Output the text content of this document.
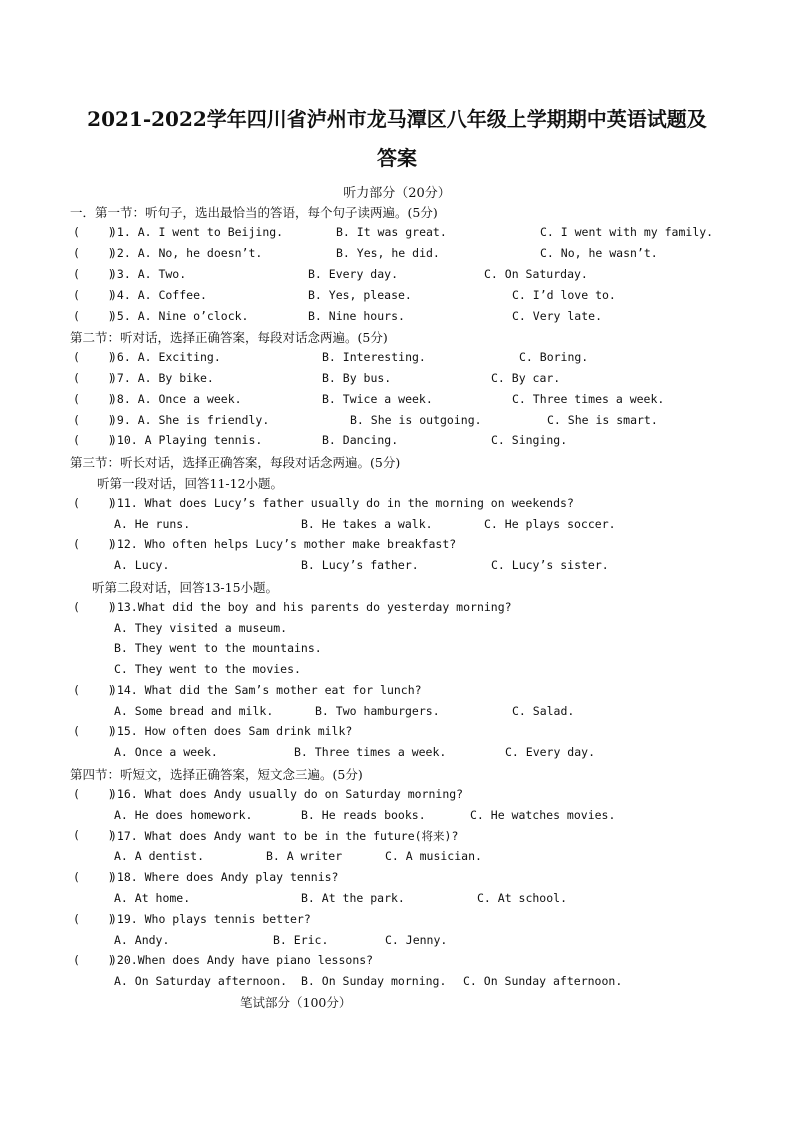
2021-2022学年四川省泸州市龙马潭区八年级上学期期中英语试题及
答案
听力部分（20分）
一．第一节：听句子，选出最恰当的答语，每个句子读两遍。(5分)

(    )

)1. A. I went to Beijing.

	B. It was great.

	C. I went with my family.

(    )

)2. A. No, he doesn’t.

	B. Yes, he did.

	C. No, he wasn’t.

(    )

)3. A. Two.

	B. Every day.

	C. On Saturday.

(    )

)4. A. Coffee.

	B. Yes, please.

	C. I’d love to.

(    )

)5. A. Nine o’clock.

	B. Nine hours.

	C. Very late.

第二节：听对话，选择正确答案，每段对话念两遍。(5分)

(    )

)6. A. Exciting.

	B. Interesting.

	C. Boring.

(    )

)7. A. By bike.

	B. By bus.

	C. By car.

(    )

)8. A. Once a week.

	B. Twice a week.

	C. Three times a week.

(    )

)9. A. She is friendly.

	B. She is outgoing.

	C. She is smart.

(    )

)10. A Playing tennis.

	B. Dancing.

	C. Singing.

第三节：听长对话，选择正确答案，每段对话念两遍。(5分)
听第一段对话，回答11-12小题。

(    )

)11. What does Lucy’s father usually do in the morning on weekends?

A. He runs.

	B. He takes a walk.

	C. He plays soccer.

(    )

)12. Who often helps Lucy’s mother make breakfast?

A. Lucy.

	B. Lucy’s father.

	C. Lucy’s sister.

听第二段对话，回答13-15小题。

(    )

)13.What did the boy and his parents do yesterday morning?

A. They visited a museum.

B. They went to the mountains.

C. They went to the movies.

(    )

)14. What did the Sam’s mother eat for lunch?

A. Some bread and milk.

	B. Two hamburgers.

	C. Salad.

(    )

)15. How often does Sam drink milk?

A. Once a week.

	B. Three times a week.

	C. Every day.

第四节：听短文，选择正确答案，短文念三遍。(5分)

(    )

)16. What does Andy usually do on Saturday morning?

A. He does homework.

	B. He reads books.

	C. He watches movies.

(    )

)17. What does Andy want to be in the future(将来)?

A. A dentist.

	B. A writer

	C. A musician.

(    )

)18. Where does Andy play tennis?

A. At home.

	B. At the park.

	C. At school.

(    )

)19. Who plays tennis better?

A. Andy.

	B. Eric.

	C. Jenny.

(    )

)20.When does Andy have piano lessons?

A. On Saturday afternoon.

B. On Sunday morning.

C. On Sunday afternoon.

笔试部分（100分）
